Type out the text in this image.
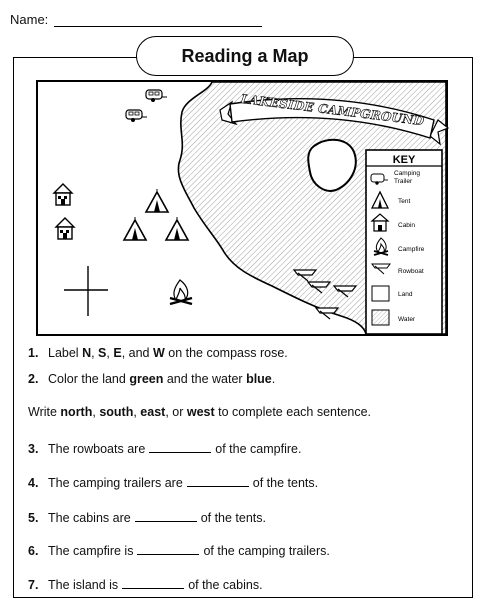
Name:
Reading a Map
LAKESIDE CAMPGROUND
KEY
Camping
Trailer
Tent
Cabin
Campfire
Rowboat
Land
Water
1. Label N , S , E , and W on the compass rose.
2. Color the land green and the water blue .
Write north, south, east, or west to complete each sentence.
3. The rowboats are	of the campfire.
4. The camping trailers are	of the tents.
5. The cabins are	of the tents.
6. The campfire is	of the camping trailers.
7. The island is	of the cabins.
